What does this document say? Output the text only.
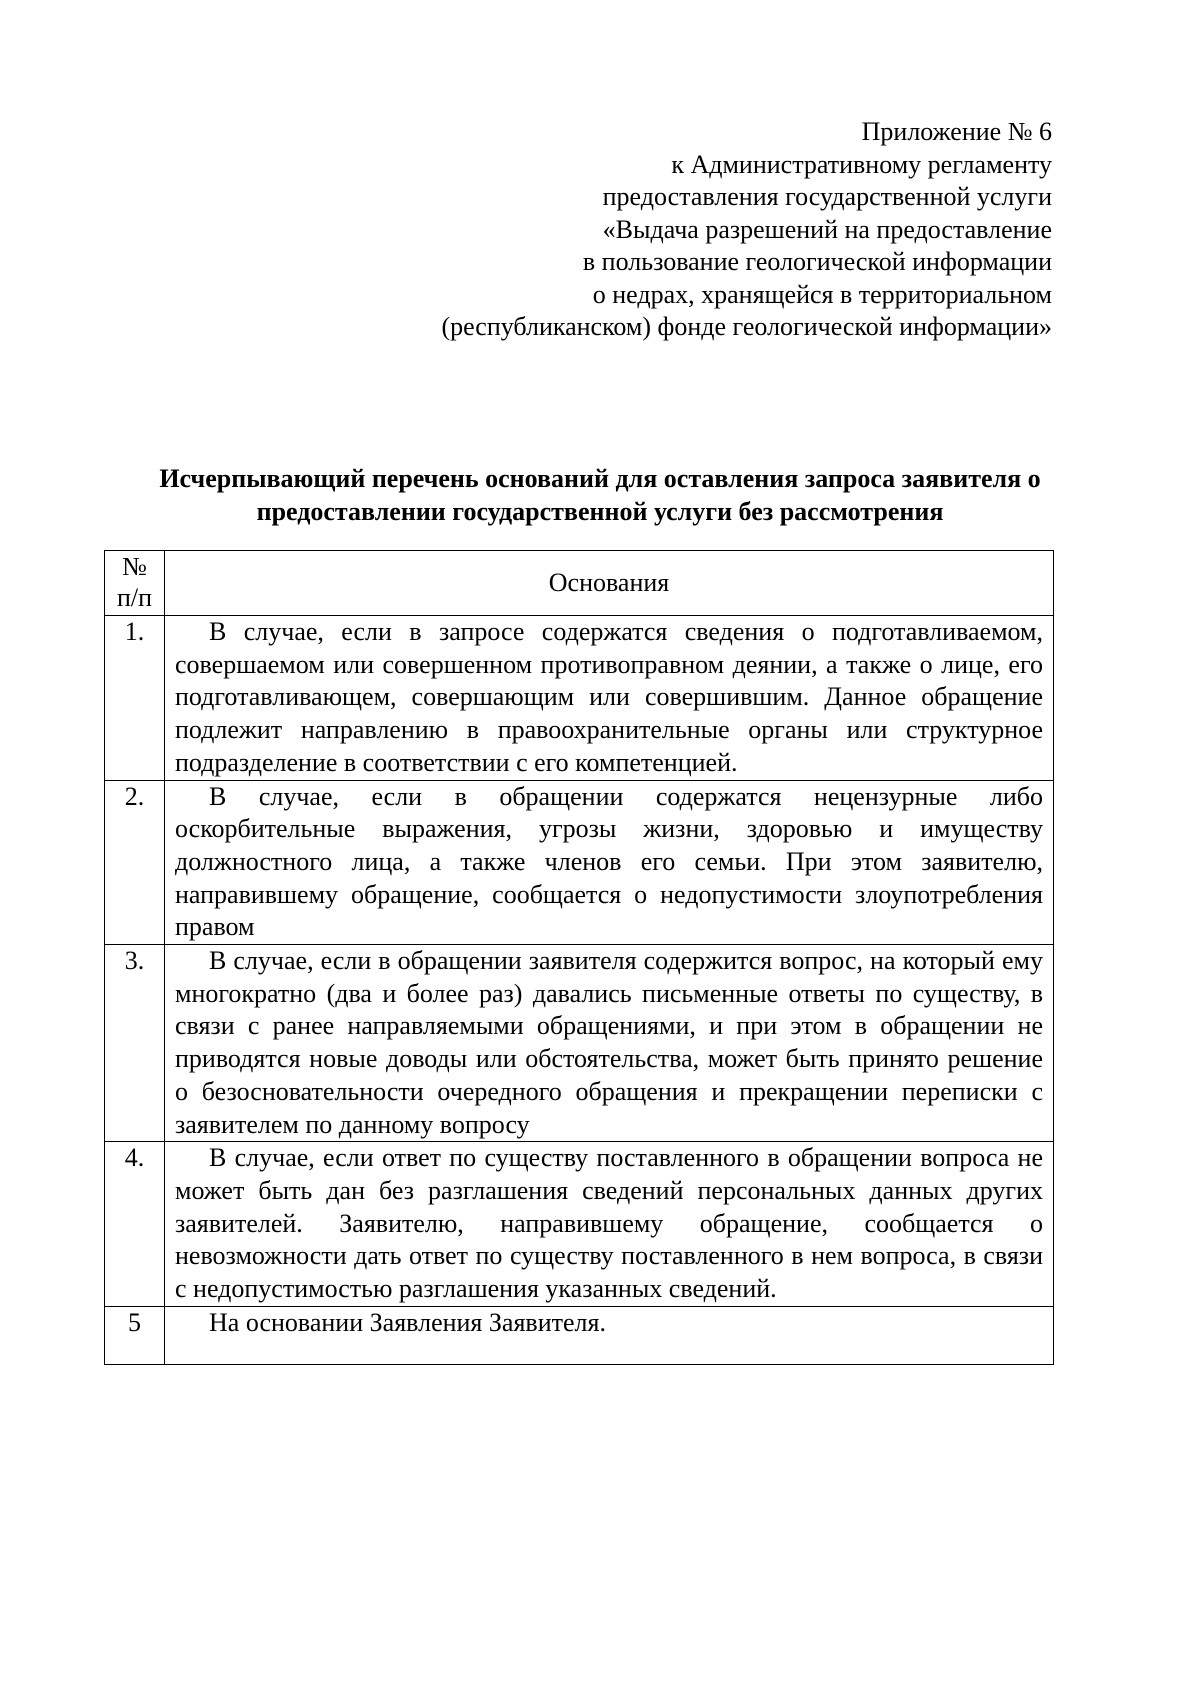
Приложение № 6
к Административному регламенту
предоставления государственной услуги
«Выдача разрешений на предоставление
в пользование геологической информации
о недрах, хранящейся в территориальном
(республиканском) фонде геологической информации»
Исчерпывающий перечень оснований для оставления запроса заявителя о
предоставлении государственной услуги без рассмотрения
№
п/п	Основания
1.	В случае, если в запросе содержатся сведения о подготавливаемом, совершаемом или совершенном противоправном деянии, а также о лице, его подготавливающем, совершающим или совершившим. Данное обращение подлежит направлению в правоохранительные органы или структурное подразделение в соответствии с его компетенцией.
2.	В случае, если в обращении содержатся нецензурные либо оскорбительные выражения, угрозы жизни, здоровью и имуществу должностного лица, а также членов его семьи. При этом заявителю, направившему обращение, сообщается о недопустимости злоупотребления правом
3.	В случае, если в обращении заявителя содержится вопрос, на который ему многократно (два и более раз) давались письменные ответы по существу, в связи с ранее направляемыми обращениями, и при этом в обращении не приводятся новые доводы или обстоятельства, может быть принято решение о безосновательности очередного обращения и прекращении переписки с заявителем по данному вопросу
4.	В случае, если ответ по существу поставленного в обращении вопроса не может быть дан без разглашения сведений персональных данных других заявителей. Заявителю, направившему обращение, сообщается о невозможности дать ответ по существу поставленного в нем вопроса, в связи с недопустимостью разглашения указанных сведений.
5	На основании Заявления Заявителя.
